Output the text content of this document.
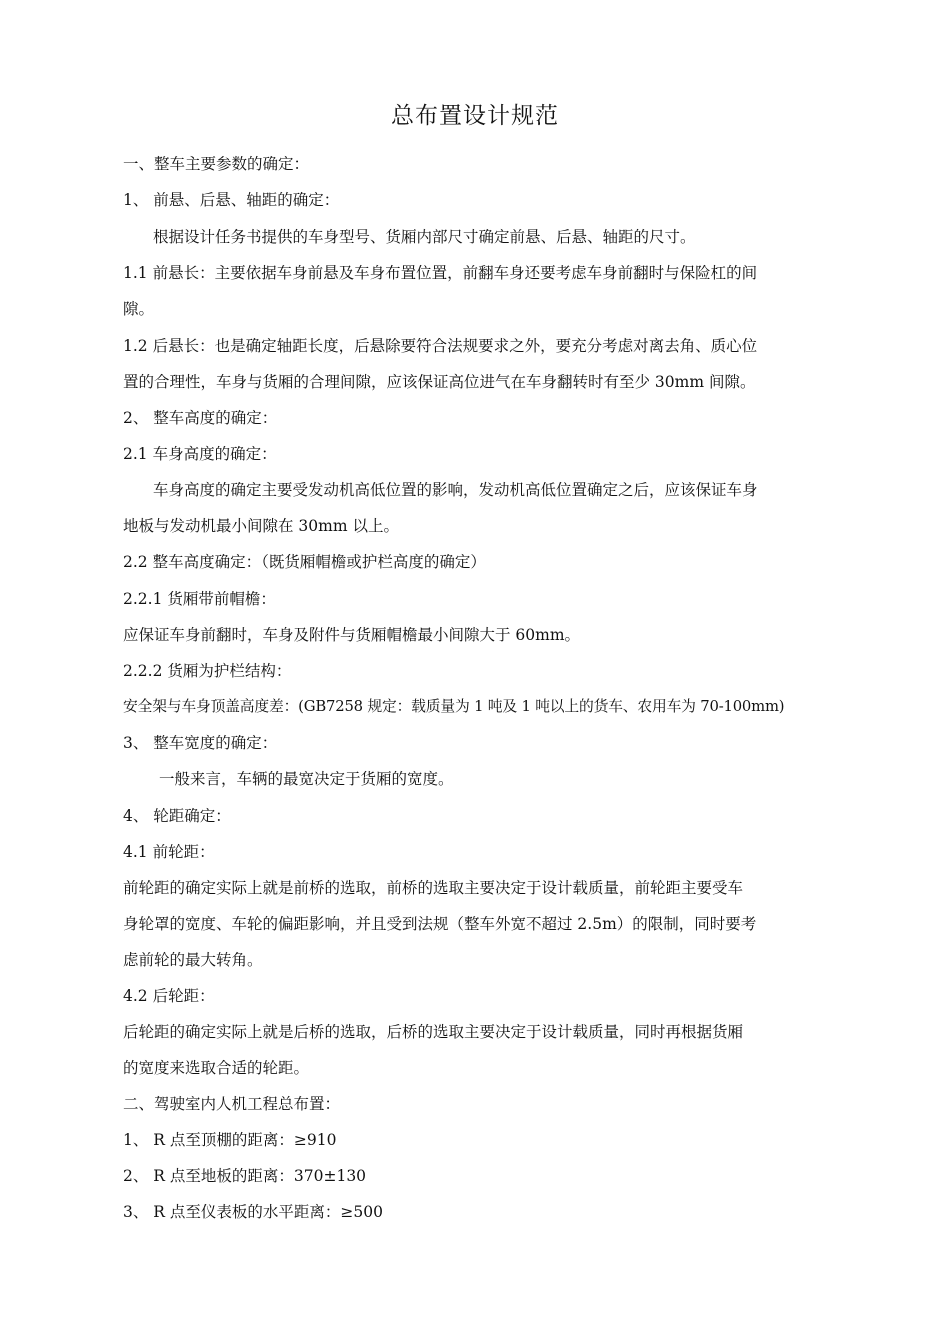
总布置设计规范
一、整车主要参数的确定：
1、 前悬、后悬、轴距的确定：
根据设计任务书提供的车身型号、货厢内部尺寸确定前悬、后悬、轴距的尺寸。
1.1 前悬长：主要依据车身前悬及车身布置位置，前翻车身还要考虑车身前翻时与保险杠的间
隙。
1.2 后悬长：也是确定轴距长度，后悬除要符合法规要求之外，要充分考虑对离去角、质心位
置的合理性，车身与货厢的合理间隙，应该保证高位进气在车身翻转时有至少 30mm 间隙。
2、 整车高度的确定：
2.1 车身高度的确定：
车身高度的确定主要受发动机高低位置的影响，发动机高低位置确定之后，应该保证车身
地板与发动机最小间隙在 30mm 以上。
2.2 整车高度确定：（既货厢帽檐或护栏高度的确定）
2.2.1 货厢带前帽檐：
应保证车身前翻时，车身及附件与货厢帽檐最小间隙大于 60mm。
2.2.2 货厢为护栏结构：
安全架与车身顶盖高度差：(GB7258 规定：载质量为 1 吨及 1 吨以上的货车、农用车为 70-100mm)
3、 整车宽度的确定：
一般来言，车辆的最宽决定于货厢的宽度。
4、 轮距确定：
4.1 前轮距：
前轮距的确定实际上就是前桥的选取，前桥的选取主要决定于设计载质量，前轮距主要受车
身轮罩的宽度、车轮的偏距影响，并且受到法规（整车外宽不超过 2.5m）的限制，同时要考
虑前轮的最大转角。
4.2 后轮距：
后轮距的确定实际上就是后桥的选取，后桥的选取主要决定于设计载质量，同时再根据货厢
的宽度来选取合适的轮距。
二、驾驶室内人机工程总布置：
1、 R 点至顶棚的距离：≥910
2、 R 点至地板的距离：370±130
3、 R 点至仪表板的水平距离：≥500
